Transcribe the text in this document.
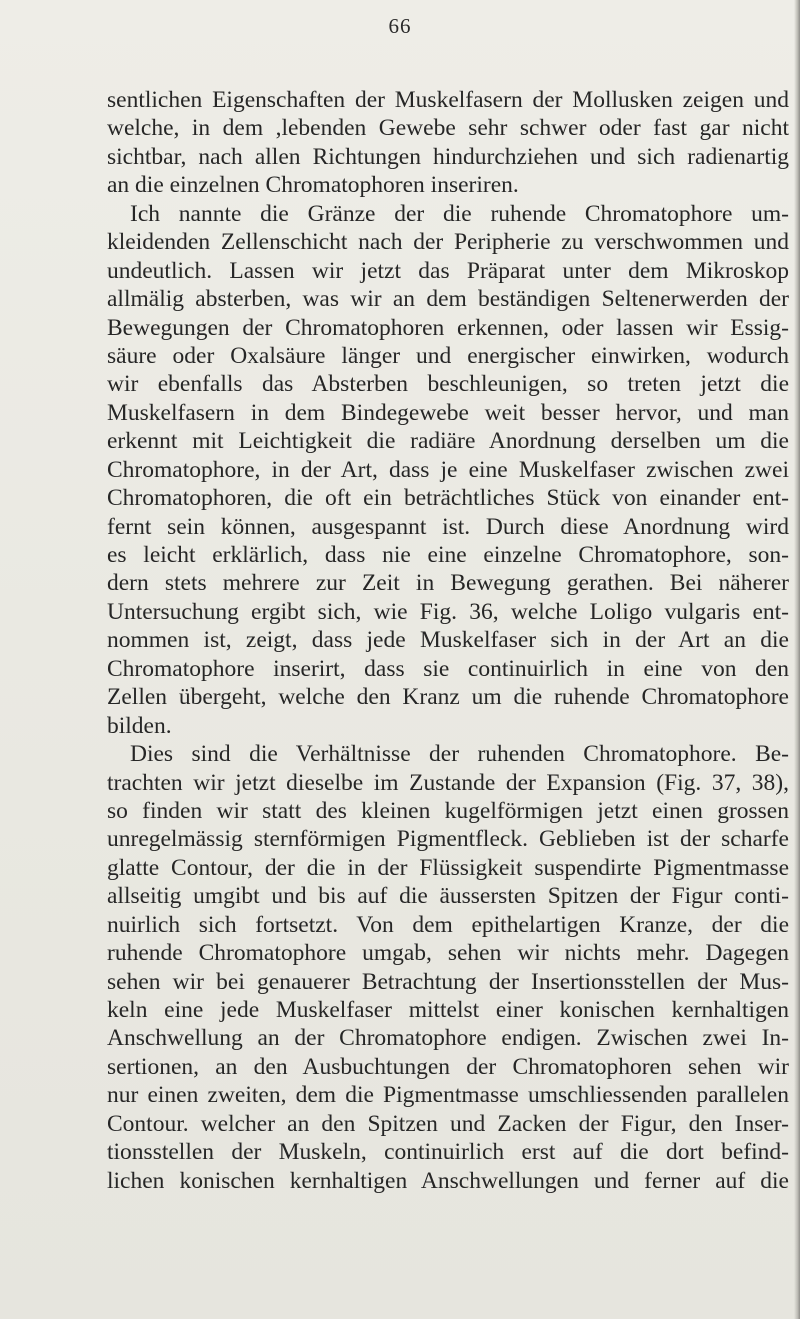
66
sentlichen Eigenschaften der Muskelfasern der Mollusken zeigen und
welche, in dem ,lebenden Gewebe sehr schwer oder fast gar nicht
sichtbar, nach allen Richtungen hindurchziehen und sich radienartig
an die einzelnen Chromatophoren inseriren.
Ich nannte die Gränze der die ruhende Chromatophore um-
kleidenden Zellenschicht nach der Peripherie zu verschwommen und
undeutlich. Lassen wir jetzt das Präparat unter dem Mikroskop
allmälig absterben, was wir an dem beständigen Seltenerwerden der
Bewegungen der Chromatophoren erkennen, oder lassen wir Essig-
säure oder Oxalsäure länger und energischer einwirken, wodurch
wir ebenfalls das Absterben beschleunigen, so treten jetzt die
Muskelfasern in dem Bindegewebe weit besser hervor, und man
erkennt mit Leichtigkeit die radiäre Anordnung derselben um die
Chromatophore, in der Art, dass je eine Muskelfaser zwischen zwei
Chromatophoren, die oft ein beträchtliches Stück von einander ent-
fernt sein können, ausgespannt ist. Durch diese Anordnung wird
es leicht erklärlich, dass nie eine einzelne Chromatophore, son-
dern stets mehrere zur Zeit in Bewegung gerathen. Bei näherer
Untersuchung ergibt sich, wie Fig. 36, welche Loligo vulgaris ent-
nommen ist, zeigt, dass jede Muskelfaser sich in der Art an die
Chromatophore inserirt, dass sie continuirlich in eine von den
Zellen übergeht, welche den Kranz um die ruhende Chromatophore
bilden.
Dies sind die Verhältnisse der ruhenden Chromatophore. Be-
trachten wir jetzt dieselbe im Zustande der Expansion (Fig. 37, 38),
so finden wir statt des kleinen kugelförmigen jetzt einen grossen
unregelmässig sternförmigen Pigmentfleck. Geblieben ist der scharfe
glatte Contour, der die in der Flüssigkeit suspendirte Pigmentmasse
allseitig umgibt und bis auf die äussersten Spitzen der Figur conti-
nuirlich sich fortsetzt. Von dem epithelartigen Kranze, der die
ruhende Chromatophore umgab, sehen wir nichts mehr. Dagegen
sehen wir bei genauerer Betrachtung der Insertionsstellen der Mus-
keln eine jede Muskelfaser mittelst einer konischen kernhaltigen
Anschwellung an der Chromatophore endigen. Zwischen zwei In-
sertionen, an den Ausbuchtungen der Chromatophoren sehen wir
nur einen zweiten, dem die Pigmentmasse umschliessenden parallelen
Contour. welcher an den Spitzen und Zacken der Figur, den Inser-
tionsstellen der Muskeln, continuirlich erst auf die dort befind-
lichen konischen kernhaltigen Anschwellungen und ferner auf die
